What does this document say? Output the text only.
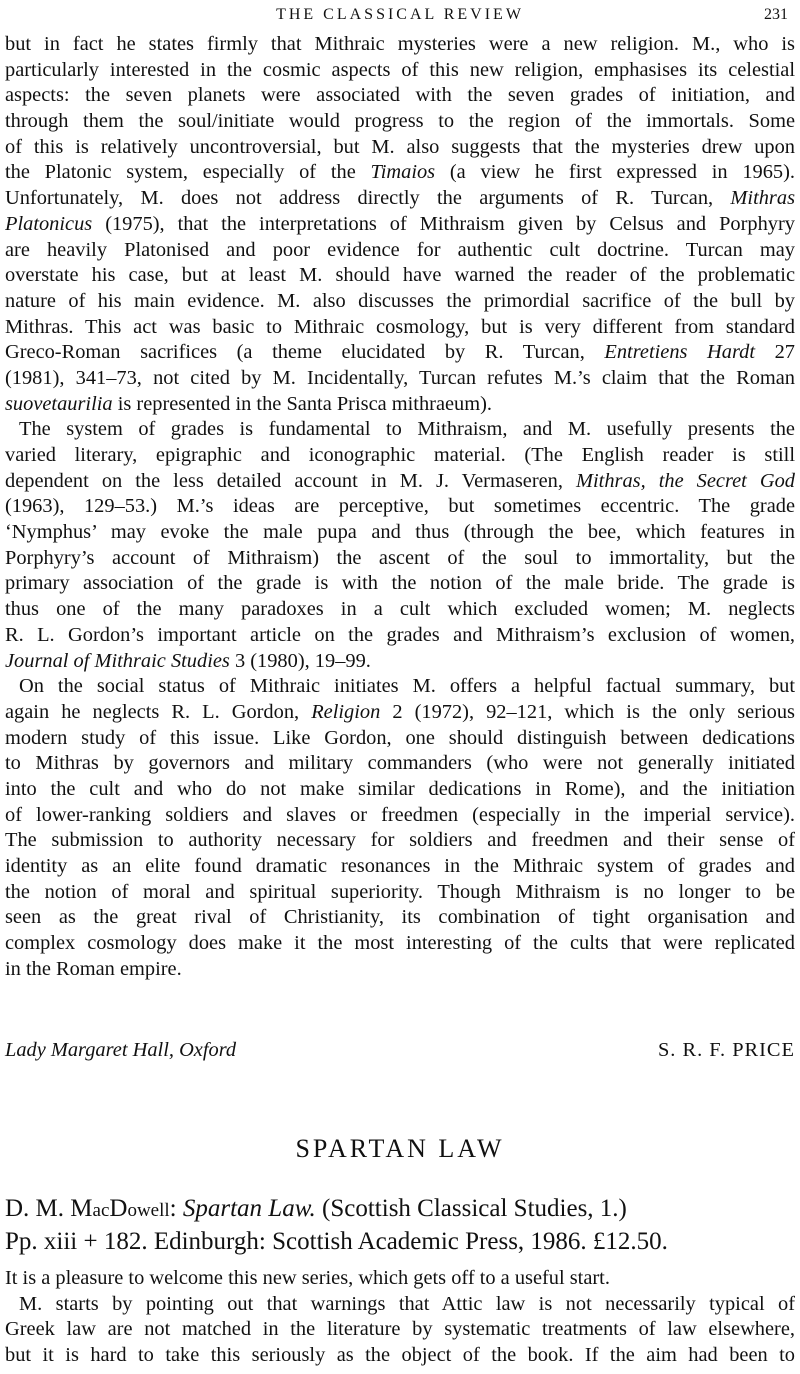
THE CLASSICAL REVIEW	231
but in fact he states firmly that Mithraic mysteries were a new religion. M., who is
particularly interested in the cosmic aspects of this new religion, emphasises its celestial
aspects: the seven planets were associated with the seven grades of initiation, and
through them the soul/initiate would progress to the region of the immortals. Some
of this is relatively uncontroversial, but M. also suggests that the mysteries drew upon
the Platonic system, especially of the Timaios (a view he first expressed in 1965).
Unfortunately, M. does not address directly the arguments of R. Turcan, Mithras
Platonicus (1975), that the interpretations of Mithraism given by Celsus and Porphyry
are heavily Platonised and poor evidence for authentic cult doctrine. Turcan may
overstate his case, but at least M. should have warned the reader of the problematic
nature of his main evidence. M. also discusses the primordial sacrifice of the bull by
Mithras. This act was basic to Mithraic cosmology, but is very different from standard
Greco-Roman sacrifices (a theme elucidated by R. Turcan, Entretiens Hardt 27
(1981), 341–73, not cited by M. Incidentally, Turcan refutes M.’s claim that the Roman
suovetaurilia is represented in the Santa Prisca mithraeum).
The system of grades is fundamental to Mithraism, and M. usefully presents the
varied literary, epigraphic and iconographic material. (The English reader is still
dependent on the less detailed account in M. J. Vermaseren, Mithras, the Secret God
(1963), 129–53.) M.’s ideas are perceptive, but sometimes eccentric. The grade
‘Nymphus’ may evoke the male pupa and thus (through the bee, which features in
Porphyry’s account of Mithraism) the ascent of the soul to immortality, but the
primary association of the grade is with the notion of the male bride. The grade is
thus one of the many paradoxes in a cult which excluded women; M. neglects
R. L. Gordon’s important article on the grades and Mithraism’s exclusion of women,
Journal of Mithraic Studies 3 (1980), 19–99.
On the social status of Mithraic initiates M. offers a helpful factual summary, but
again he neglects R. L. Gordon, Religion 2 (1972), 92–121, which is the only serious
modern study of this issue. Like Gordon, one should distinguish between dedications
to Mithras by governors and military commanders (who were not generally initiated
into the cult and who do not make similar dedications in Rome), and the initiation
of lower-ranking soldiers and slaves or freedmen (especially in the imperial service).
The submission to authority necessary for soldiers and freedmen and their sense of
identity as an elite found dramatic resonances in the Mithraic system of grades and
the notion of moral and spiritual superiority. Though Mithraism is no longer to be
seen as the great rival of Christianity, its combination of tight organisation and
complex cosmology does make it the most interesting of the cults that were replicated
in the Roman empire.
Lady Margaret Hall, Oxford	S. R. F. PRICE
SPARTAN LAW
D. M. MacDowell: Spartan Law. (Scottish Classical Studies, 1.)
Pp. xiii + 182. Edinburgh: Scottish Academic Press, 1986. £12.50.
It is a pleasure to welcome this new series, which gets off to a useful start.
M. starts by pointing out that warnings that Attic law is not necessarily typical of
Greek law are not matched in the literature by systematic treatments of law elsewhere,
but it is hard to take this seriously as the object of the book. If the aim had been to
